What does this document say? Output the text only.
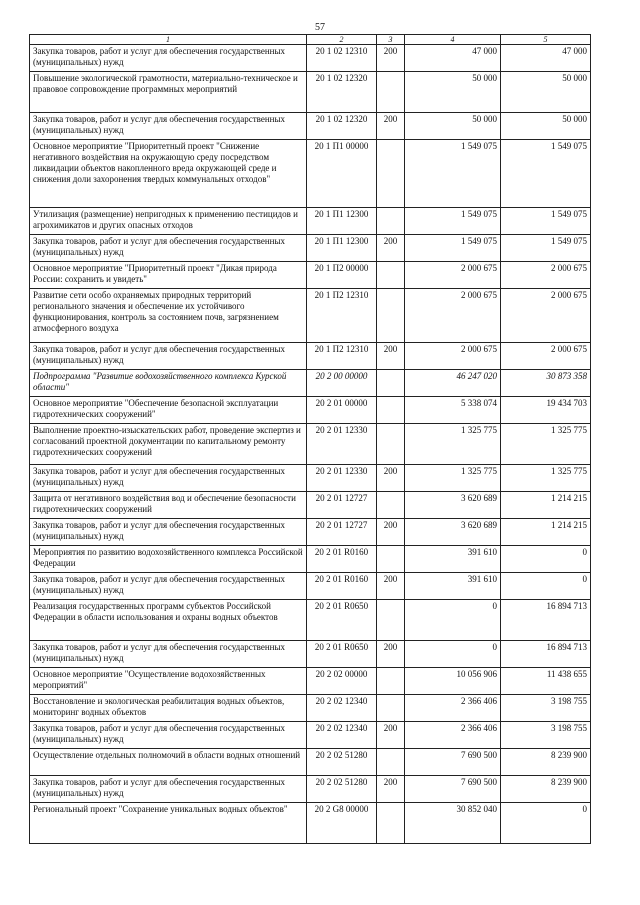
57
1	2	3	4	5
Закупка товаров, работ и услуг для обеспечения государственных (муниципальных) нужд	20 1 02 12310	200	47 000	47 000
Повышение экологической грамотности, материально-техническое и правовое сопровождение программных мероприятий	20 1 02 12320		50 000	50 000
Закупка товаров, работ и услуг для обеспечения государственных (муниципальных) нужд	20 1 02 12320	200	50 000	50 000
Основное мероприятие "Приоритетный проект "Снижение негативного воздействия на окружающую среду посредством ликвидации объектов накопленного вреда окружающей среде и снижения доли захоронения твердых коммунальных отходов"	20 1 П1 00000		1 549 075	1 549 075
Утилизация (размещение) непригодных к применению пестицидов и агрохимикатов и других опасных отходов	20 1 П1 12300		1 549 075	1 549 075
Закупка товаров, работ и услуг для обеспечения государственных (муниципальных) нужд	20 1 П1 12300	200	1 549 075	1 549 075
Основное мероприятие "Приоритетный проект "Дикая природа России: сохранить и увидеть"	20 1 П2 00000		2 000 675	2 000 675
Развитие сети особо охраняемых природных территорий регионального значения и обеспечение их устойчивого функционирования, контроль за состоянием почв, загрязнением атмосферного воздуха	20 1 П2 12310		2 000 675	2 000 675
Закупка товаров, работ и услуг для обеспечения государственных (муниципальных) нужд	20 1 П2 12310	200	2 000 675	2 000 675
Подпрограмма "Развитие водохозяйственного комплекса Курской области"	20 2 00 00000		46 247 020	30 873 358
Основное мероприятие "Обеспечение безопасной эксплуатации гидротехнических сооружений"	20 2 01 00000		5 338 074	19 434 703
Выполнение проектно-изыскательских работ, проведение экспертиз и согласований проектной документации по капитальному ремонту гидротехнических сооружений	20 2 01 12330		1 325 775	1 325 775
Закупка товаров, работ и услуг для обеспечения государственных (муниципальных) нужд	20 2 01 12330	200	1 325 775	1 325 775
Защита от негативного воздействия вод и обеспечение безопасности гидротехнических сооружений	20 2 01 12727		3 620 689	1 214 215
Закупка товаров, работ и услуг для обеспечения государственных (муниципальных) нужд	20 2 01 12727	200	3 620 689	1 214 215
Мероприятия по развитию водохозяйственного комплекса Российской Федерации	20 2 01 R0160		391 610	0
Закупка товаров, работ и услуг для обеспечения государственных (муниципальных) нужд	20 2 01 R0160	200	391 610	0
Реализация государственных программ субъектов Российской Федерации в области использования и охраны водных объектов	20 2 01 R0650		0	16 894 713
Закупка товаров, работ и услуг для обеспечения государственных (муниципальных) нужд	20 2 01 R0650	200	0	16 894 713
Основное мероприятие "Осуществление водохозяйственных мероприятий"	20 2 02 00000		10 056 906	11 438 655
Восстановление и экологическая реабилитация водных объектов, мониторинг водных объектов	20 2 02 12340		2 366 406	3 198 755
Закупка товаров, работ и услуг для обеспечения государственных (муниципальных) нужд	20 2 02 12340	200	2 366 406	3 198 755
Осуществление отдельных полномочий в области водных отношений	20 2 02 51280		7 690 500	8 239 900
Закупка товаров, работ и услуг для обеспечения государственных (муниципальных) нужд	20 2 02 51280	200	7 690 500	8 239 900
Региональный проект "Сохранение уникальных водных объектов"	20 2 G8 00000		30 852 040	0
